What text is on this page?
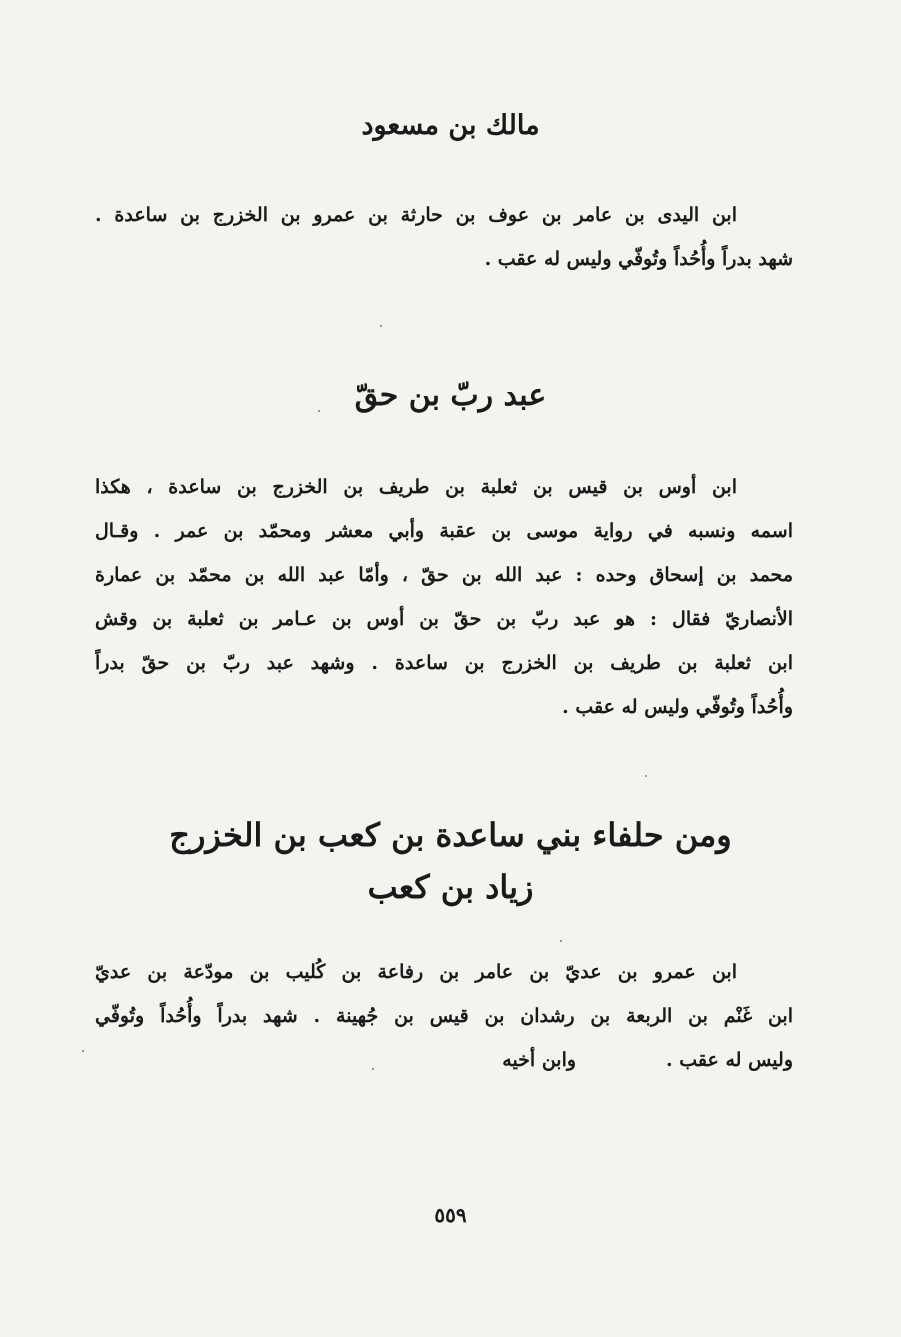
مالك بن مسعود
ابن اليدى بن عامر بن عوف بن حارثة بن عمرو بن الخزرج بن ساعدة .
شهد بدراً وأُحُداً وتُوفّي وليس له عقب .
عبد ربّ بن حقّ
ابن أوس بن قيس بن ثعلبة بن طريف بن الخزرج بن ساعدة ، هكذا
اسمه ونسبه في رواية موسى بن عقبة وأبي معشر ومحمّد بن عمر . وقـال
محمد بن إسحاق وحده : عبد الله بن حقّ ، وأمّا عبد الله بن محمّد بن عمارة
الأنصاريّ فقال : هو عبد ربّ بن حقّ بن أوس بن عـامر بن ثعلبة بن وقش
ابن ثعلبة بن طريف بن الخزرج بن ساعدة . وشهد عبد ربّ بن حقّ بدراً
وأُحُداً وتُوفّي وليس له عقب .
ومن حلفاء بني ساعدة بن كعب بن الخزرج
زياد بن كعب
ابن عمرو بن عديّ بن عامر بن رفاعة بن كُليب بن مودّعة بن عديّ
ابن غَنْم بن الربعة بن رشدان بن قيس بن جُهينة . شهد بدراً وأُحُداً وتُوفّي
وليس له عقب .وابن أخيه
٥٥٩
